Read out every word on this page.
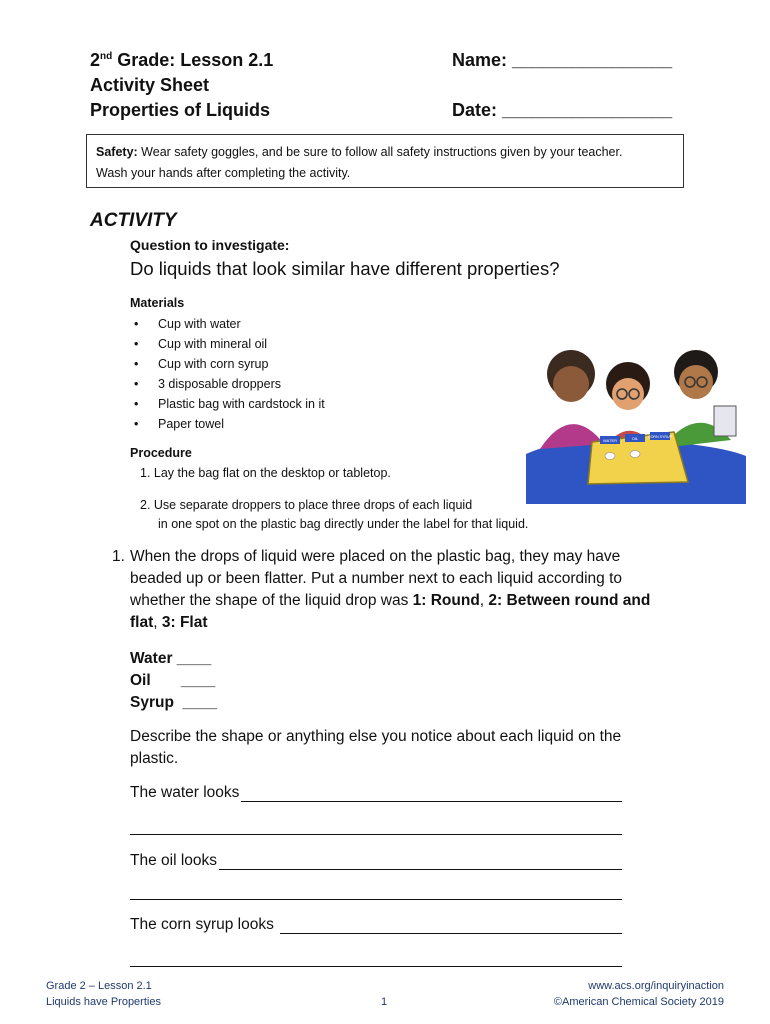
2nd Grade: Lesson 2.1
Activity Sheet
Properties of Liquids
Name: ________________
Date: _________________
Safety: Wear safety goggles, and be sure to follow all safety instructions given by your teacher.
Wash your hands after completing the activity.
ACTIVITY
Question to investigate:
Do liquids that look similar have different properties?
Materials
• Cup with water
• Cup with mineral oil
• Cup with corn syrup
• 3 disposable droppers
• Plastic bag with cardstock in it
• Paper towel
Procedure
1. Lay the bag flat on the desktop or tabletop.
2. Use separate droppers to place three drops of each liquid
in one spot on the plastic bag directly under the label for that liquid.
WATER	OIL	CORN SYRUP
1. When the drops of liquid were placed on the plastic bag, they may have beaded up or been flatter. Put a number next to each liquid according to whether the shape of the liquid drop was 1: Round, 2: Between round and flat, 3: Flat
Water ____
Oil       ____
Syrup  ____
Describe the shape or anything else you notice about each liquid on the plastic.
The water looks
The oil looks
The corn syrup looks
Grade 2 – Lesson 2.1
Liquids have Properties	1
www.acs.org/inquiryinaction
©American Chemical Society 2019
